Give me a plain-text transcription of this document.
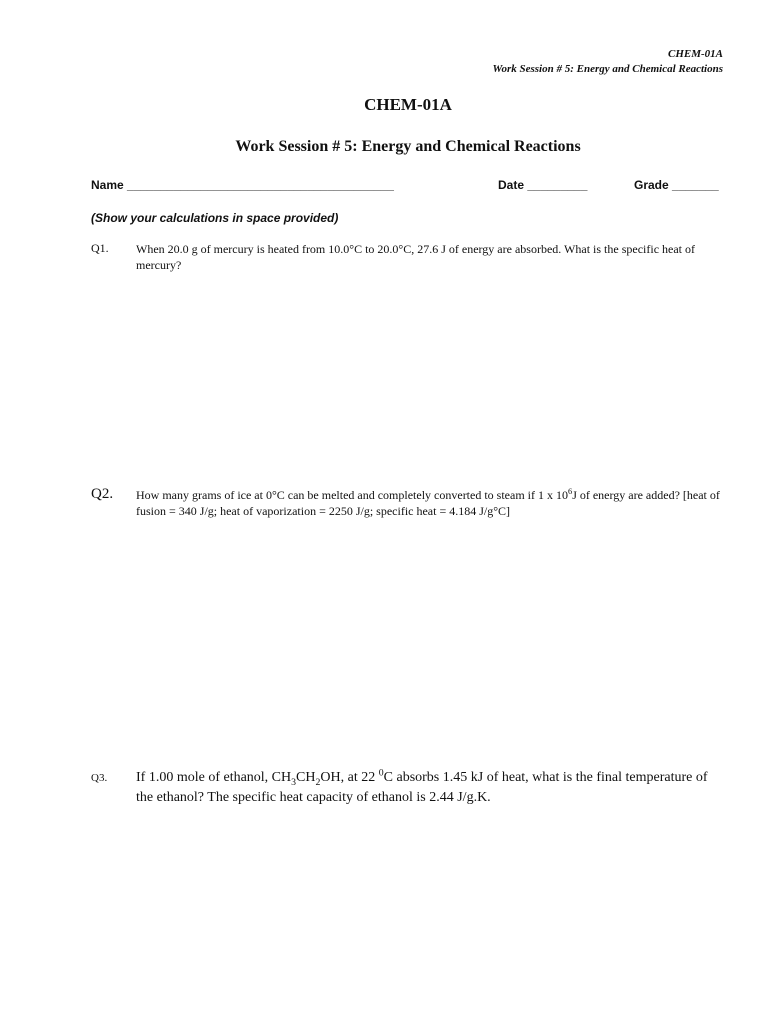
CHEM-01A
Work Session # 5: Energy and Chemical Reactions
CHEM-01A
Work Session # 5: Energy and Chemical Reactions
Name ________________________________________	Date _________	Grade _______
(Show your calculations in space provided)
Q1. When 20.0 g of mercury is heated from 10.0°C to 20.0°C, 27.6 J of energy are absorbed. What is the specific heat of mercury?
Q2. How many grams of ice at 0°C can be melted and completely converted to steam if 1 x $10^6J$ of energy are added? [heat of fusion = 340 J/g; heat of vaporization = 2250 J/g; specific heat = 4.184 J/g°C]
Q3. If 1.00 mole of ethanol, $CH_3CH_2OH$, at 22 $^0$C absorbs 1.45 kJ of heat, what is the final temperature of the ethanol? The specific heat capacity of ethanol is 2.44 J/g.K.
